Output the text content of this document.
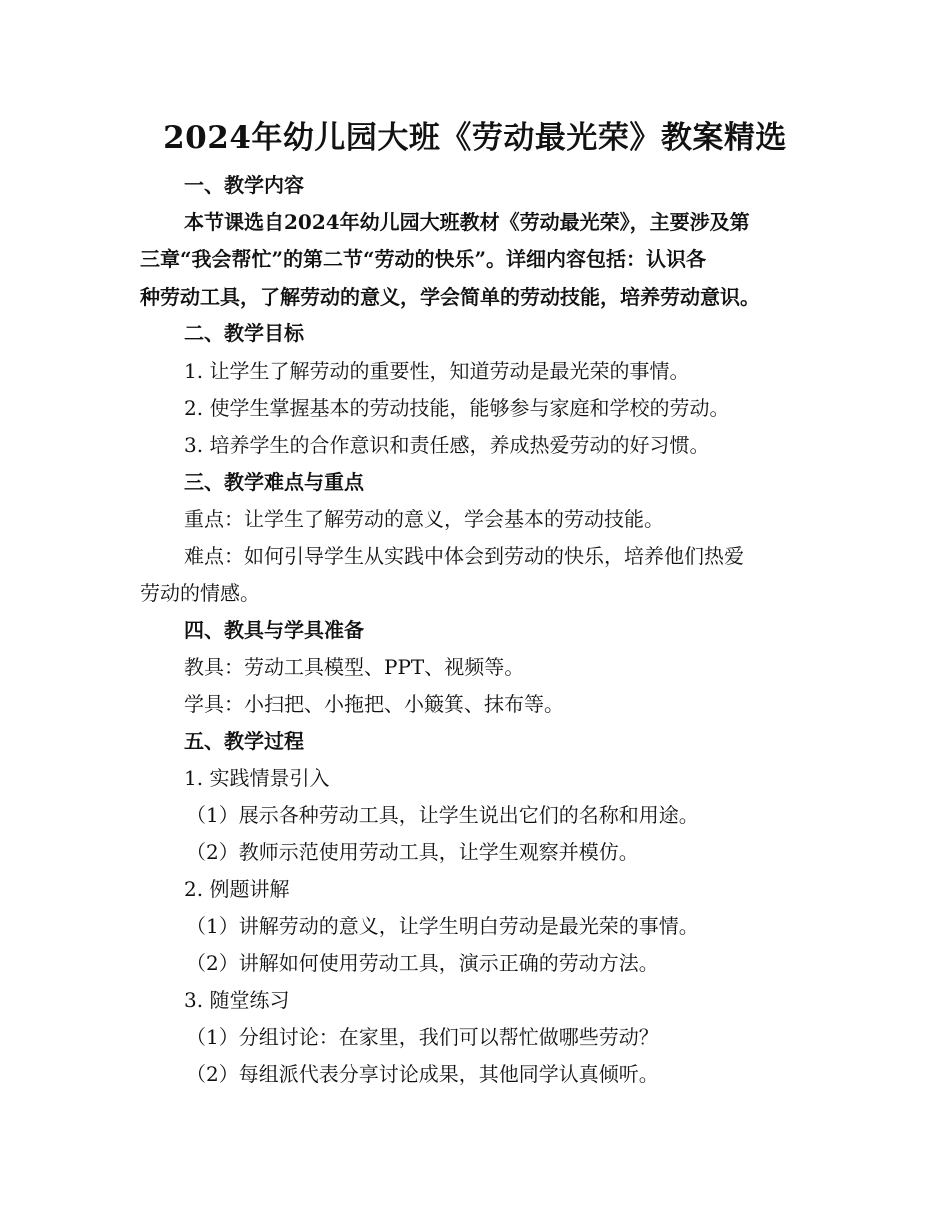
2024年幼儿园大班《劳动最光荣》教案精选
一、教学内容
本节课选自2024年幼儿园大班教材《劳动最光荣》，主要涉及第
三章“我会帮忙”的第二节“劳动的快乐”。详细内容包括：认识各
种劳动工具，了解劳动的意义，学会简单的劳动技能，培养劳动意识。
二、教学目标
1. 让学生了解劳动的重要性，知道劳动是最光荣的事情。
2. 使学生掌握基本的劳动技能，能够参与家庭和学校的劳动。
3. 培养学生的合作意识和责任感，养成热爱劳动的好习惯。
三、教学难点与重点
重点：让学生了解劳动的意义，学会基本的劳动技能。
难点：如何引导学生从实践中体会到劳动的快乐，培养他们热爱
劳动的情感。
四、教具与学具准备
教具：劳动工具模型、PPT、视频等。
学具：小扫把、小拖把、小簸箕、抹布等。
五、教学过程
1. 实践情景引入
（1）展示各种劳动工具，让学生说出它们的名称和用途。
（2）教师示范使用劳动工具，让学生观察并模仿。
2. 例题讲解
（1）讲解劳动的意义，让学生明白劳动是最光荣的事情。
（2）讲解如何使用劳动工具，演示正确的劳动方法。
3. 随堂练习
（1）分组讨论：在家里，我们可以帮忙做哪些劳动？
（2）每组派代表分享讨论成果，其他同学认真倾听。
